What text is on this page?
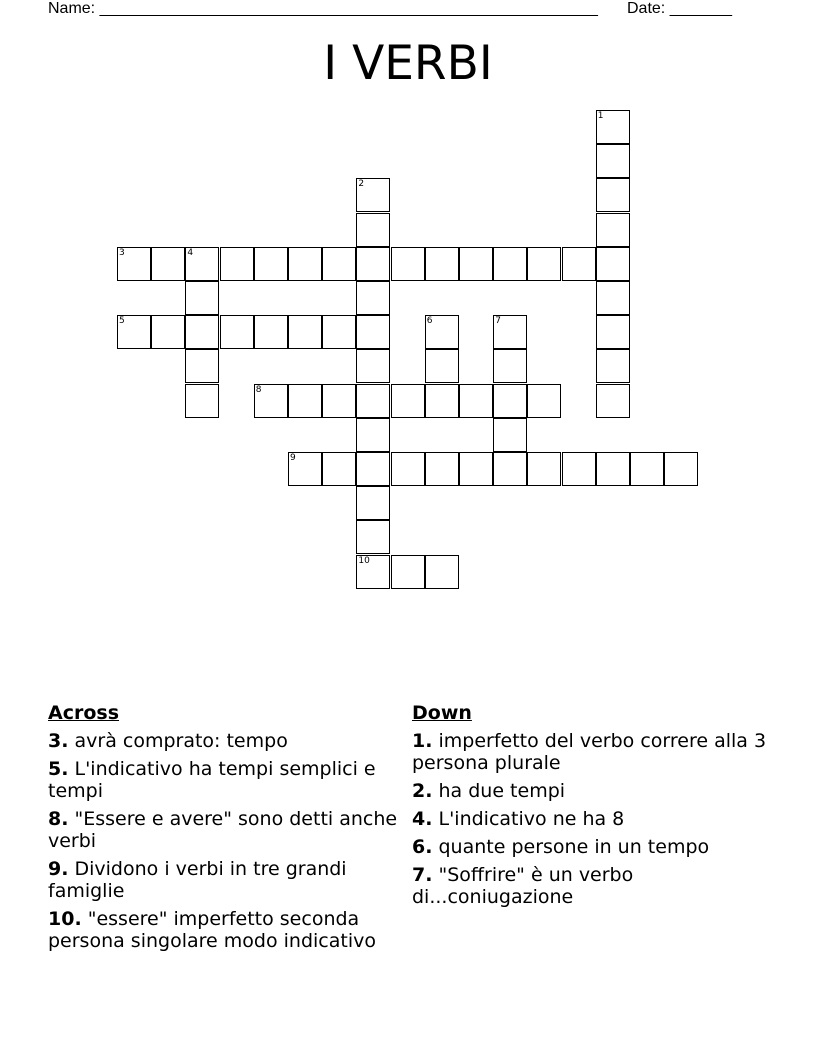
Name: ________________________________________________________ Date: _______
I VERBI
1
2
10
3	4
5	6	7
8
9
Across
3. avrà comprato: tempo
5. L'indicativo ha tempi semplici e tempi
8. "Essere e avere" sono detti anche verbi
9. Dividono i verbi in tre grandi famiglie
10. "essere" imperfetto seconda persona singolare modo indicativo
Down
1. imperfetto del verbo correre alla 3 persona plurale
2. ha due tempi
4. L'indicativo ne ha 8
6. quante persone in un tempo
7. "Soffrire" è un verbo di...coniugazione
